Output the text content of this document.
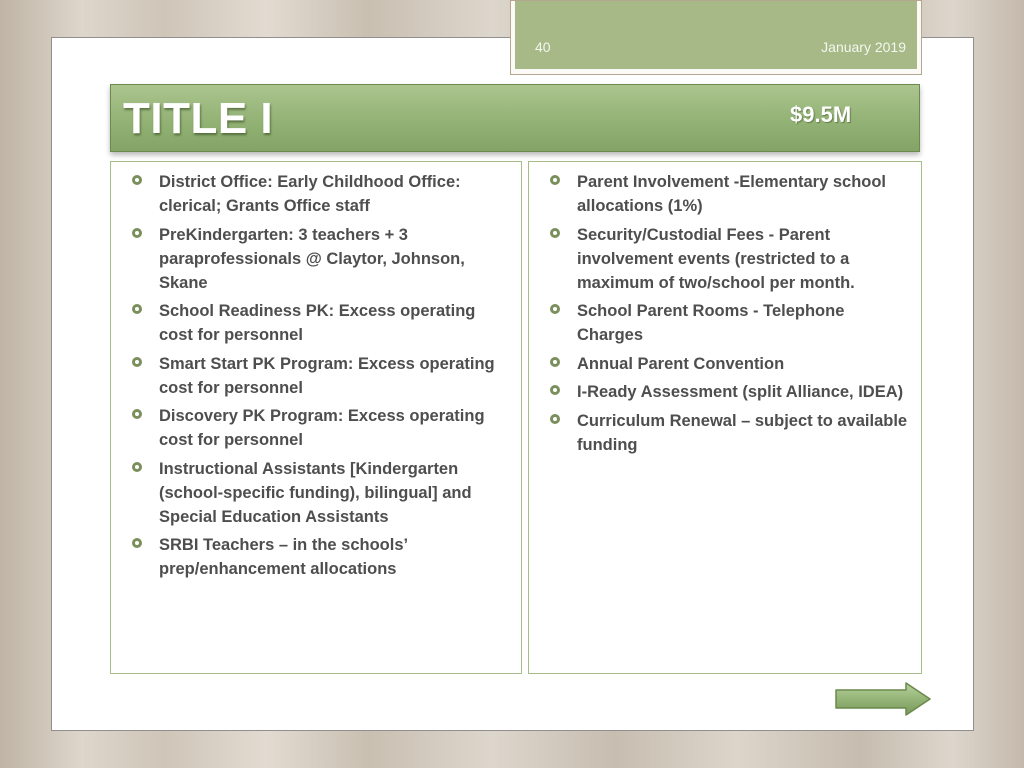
40	January 2019
TITLE I	$9.5M
District Office: Early Childhood Office: clerical; Grants Office staff
PreKindergarten: 3 teachers + 3 paraprofessionals @ Claytor, Johnson, Skane
School Readiness PK: Excess operating cost for personnel
Smart Start PK Program: Excess operating cost for personnel
Discovery PK Program: Excess operating cost for personnel
Instructional Assistants [Kindergarten (school-specific funding), bilingual] and Special Education Assistants
SRBI Teachers – in the schools’ prep/enhancement allocations
Parent Involvement -Elementary school allocations (1%)
Security/Custodial Fees - Parent involvement events (restricted to a maximum of two/school per month.
School Parent Rooms - Telephone Charges
Annual Parent Convention
I-Ready Assessment (split Alliance, IDEA)
Curriculum Renewal – subject to available funding
